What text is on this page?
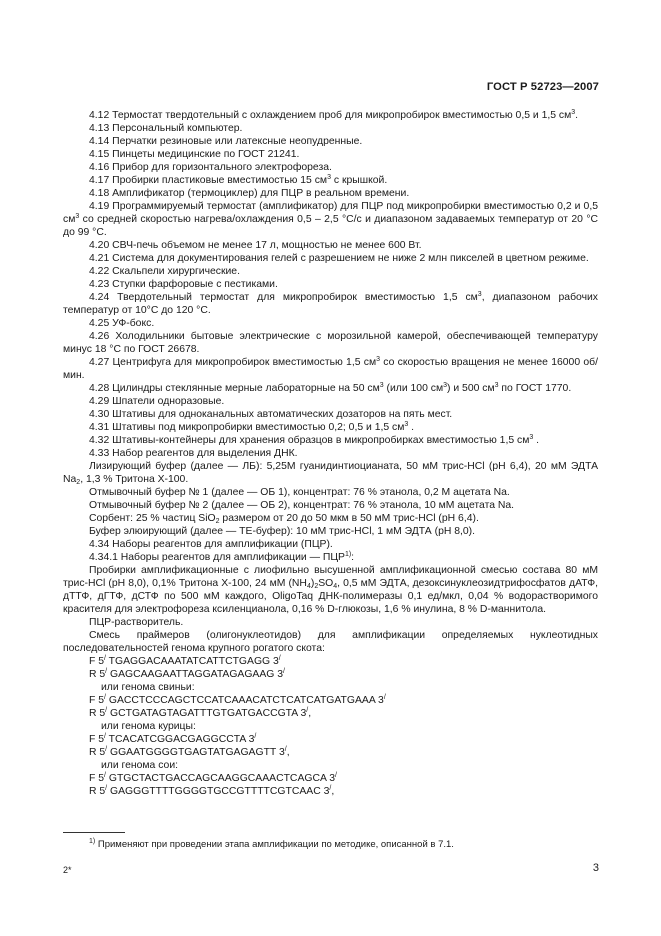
ГОСТ Р 52723—2007

4.12 Термостат твердотельный с охлаждением проб для микропробирок вместимостью 0,5 и 1,5 $см^3$.

4.13 Персональный компьютер.

4.14 Перчатки резиновые или латексные неопудренные.

4.15 Пинцеты медицинские по ГОСТ 21241.

4.16 Прибор для горизонтального электрофореза.

4.17 Пробирки пластиковые вместимостью 15 $см^3$ с крышкой.

4.18 Амплификатор (термоциклер) для ПЦР в реальном времени.

4.19 Программируемый термостат (амплификатор) для ПЦР под микропробирки вместимостью 0,2 и 0,5 $см^3$ со средней скоростью нагрева/охлаждения 0,5 – 2,5 °С/с и диапазоном задаваемых температур от 20 °С до 99 °С.

4.20 СВЧ-печь объемом не менее 17 л, мощностью не менее 600 Вт.

4.21 Система для документирования гелей с разрешением не ниже 2 млн пикселей в цветном режиме.

4.22 Скальпели хирургические.

4.23 Ступки фарфоровые с пестиками.

4.24 Твердотельный термостат для микропробирок вместимостью 1,5 $см^3$, диапазоном рабочих температур от 10°С до 120 °С.

4.25 УФ-бокс.

4.26 Холодильники бытовые электрические с морозильной камерой, обеспечивающей температуру минус 18 °С по ГОСТ 26678.

4.27 Центрифуга для микропробирок вместимостью 1,5 $см^3$ со скоростью вращения не менее 16000 об/мин.

4.28 Цилиндры стеклянные мерные лабораторные на 50 $см^3$ (или 100 $см^3$) и 500 $см^3$ по ГОСТ 1770.

4.29 Шпатели одноразовые.

4.30 Штативы для одноканальных автоматических дозаторов на пять мест.

4.31 Штативы под микропробирки вместимостью 0,2; 0,5 и 1,5 $см^3$ .

4.32 Штативы-контейнеры для хранения образцов в микропробирках вместимостью 1,5 $см^3$ .

4.33 Набор реагентов для выделения ДНК.

Лизирующий буфер (далее — ЛБ): 5,25М гуанидинтиоцианата, 50 мМ трис-HCl (рН 6,4), 20 мМ ЭДТА $Na_2$, 1,3 % Тритона Х-100.

Отмывочный буфер № 1 (далее — ОБ 1), концентрат: 76 % этанола, 0,2 М ацетата Na.

Отмывочный буфер № 2 (далее — ОБ 2), концентрат: 76 % этанола, 10 мМ ацетата Na.

Сорбент: 25 % частиц SiO$_2$ размером от 20 до 50 мкм в 50 мМ трис-HCl (рН 6,4).

Буфер элюирующий (далее — ТЕ-буфер): 10 мМ трис-HCl, 1 мМ ЭДТА (рН 8,0).

4.34 Наборы реагентов для амплификации (ПЦР).

4.34.1 Наборы реагентов для амплификации — ПЦР$^{1)}$:

Пробирки амплификационные с лиофильно высушенной амплификационной смесью состава 80 мМ трис-HCl (рН 8,0), 0,1% Тритона Х-100, 24 мМ $(NH_4)_2SO_4$, 0,5 мМ ЭДТА, дезоксинуклеозидтрифосфатов дАТФ, дТТФ, дГТФ, дСТФ по 500 мМ каждого, OligoTaq ДНК-полимеразы 0,1 ед/мкл, 0,04 % водорастворимого красителя для электрофореза ксиленцианола, 0,16 % D-глюкозы, 1,6 % инулина, 8 % D-маннитола.

ПЦР-растворитель.

Смесь праймеров (олигонуклеотидов) для амплификации определяемых нуклеотидных последовательностей генома крупного рогатого скота:

F 5/ TGAGGACAAATATCATTCTGAGG 3/

R 5/ GAGCAAGAATTAGGATAGAGAAG 3/

или генома свиньи:

F 5/ GACCTCCCAGCTCCATCAAACATCTCATCATGATGAAA 3/

R 5/ GCTGATAGTAGATTTGTGATGACCGTA 3/,

или генома курицы:

F 5/ TCACATCGGACGAGGCCTA 3/

R 5/ GGAATGGGGTGAGTATGAGAGTT 3/,

или генома сои:

F 5/ GTGCTACTGACCAGCAAGGCAAACTCAGCA 3/

R 5/ GAGGGTTTTGGGGTGCCGTTTTCGTCAAC 3/,

$^{1)}$ Применяют при проведении этапа амплификации по методике, описанной в 7.1.
2*	3
